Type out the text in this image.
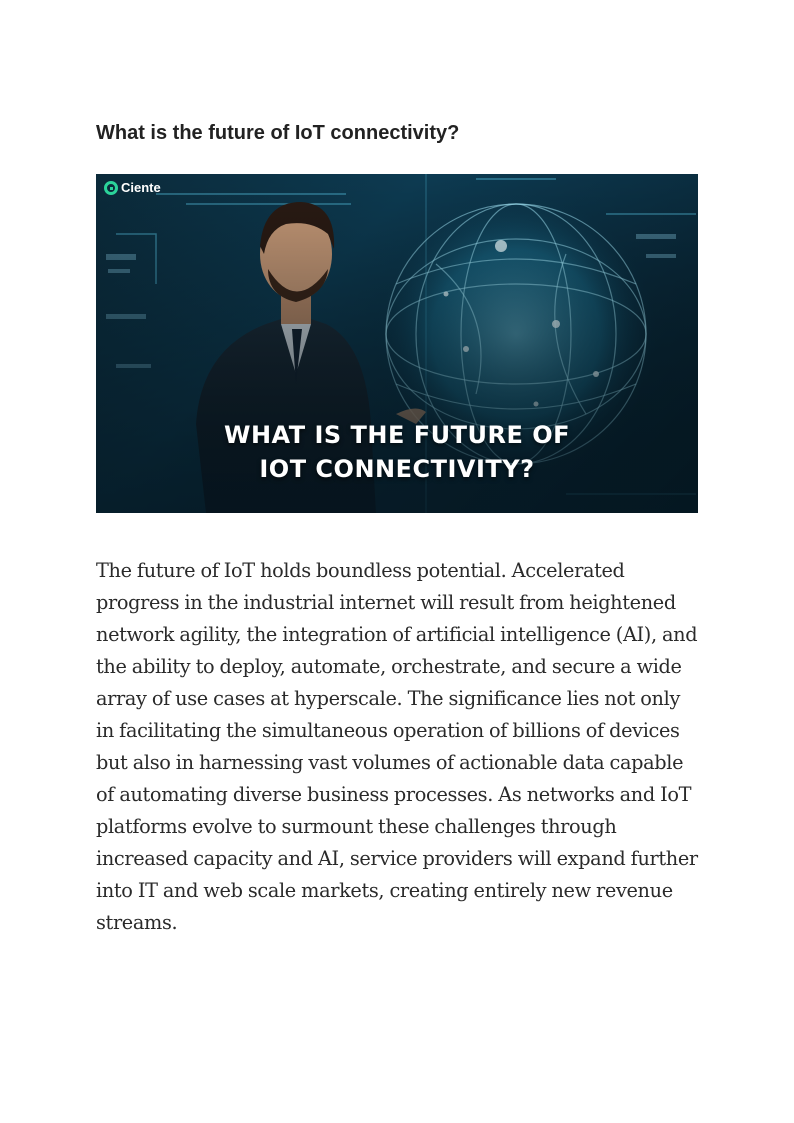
What is the future of IoT connectivity?
Ciente
WHAT IS THE FUTURE OF
IOT CONNECTIVITY?

The future of IoT holds boundless potential. Accelerated progress in the industrial internet will result from heightened network agility, the integration of artificial intelligence (AI), and the ability to deploy, automate, orchestrate, and secure a wide array of use cases at hyperscale. The significance lies not only in facilitating the simultaneous operation of billions of devices but also in harnessing vast volumes of actionable data capable of automating diverse business processes. As networks and IoT platforms evolve to surmount these challenges through increased capacity and AI, service providers will expand further into IT and web scale markets, creating entirely new revenue streams.
